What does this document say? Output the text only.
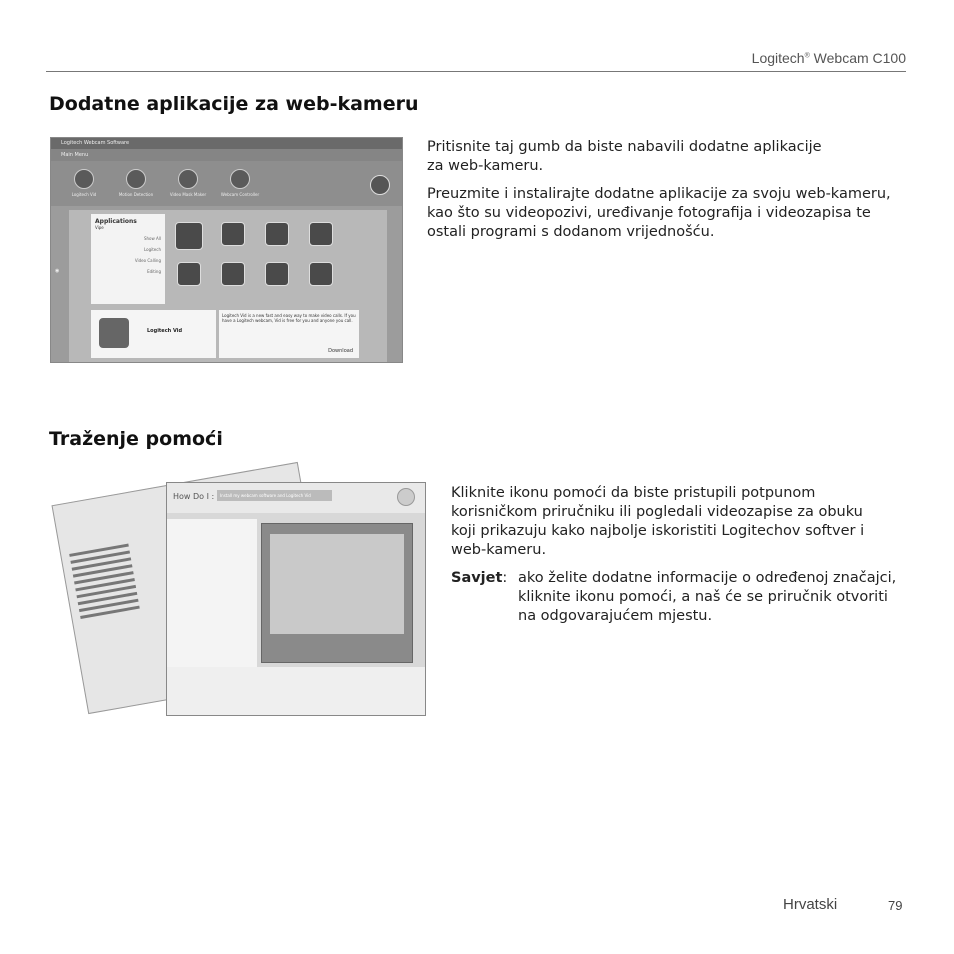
Logitech® Webcam C100
Dodatne aplikacije za web-kameru
Logitech Webcam Software
Main Menu
Logitech Vid	Motion Detection	Video Mask Maker	Webcam Controller
Applications
Vipe
Show All
Logitech
Video Calling
Editing
Logitech Vid
Logitech Vid is a new fast and easy way to make video calls. If you have a Logitech webcam, Vid is free for you and anyone you call.
Download
◉

Pritisnite taj gumb da biste nabavili dodatne aplikacije za web-kameru.

Preuzmite i instalirajte dodatne aplikacije za svoju web-kameru, kao što su videopozivi, uređivanje fotografija i videozapisa te ostali programi s dodanom vrijednošću.

Traženje pomoći
How Do I :	Install my webcam software and Logitech Vid	Kliknite ikonu pomoći da biste pristupili potpunom korisničkom priručniku ili pogledali videozapise za obuku koji prikazuju kako najbolje iskoristiti Logitechov softver i web-kameru.

Savjet: ako želite dodatne informacije o određenoj značajci, kliknite ikonu pomoći, a naš će se priručnik otvoriti na odgovarajućem mjestu.

Hrvatski	79
